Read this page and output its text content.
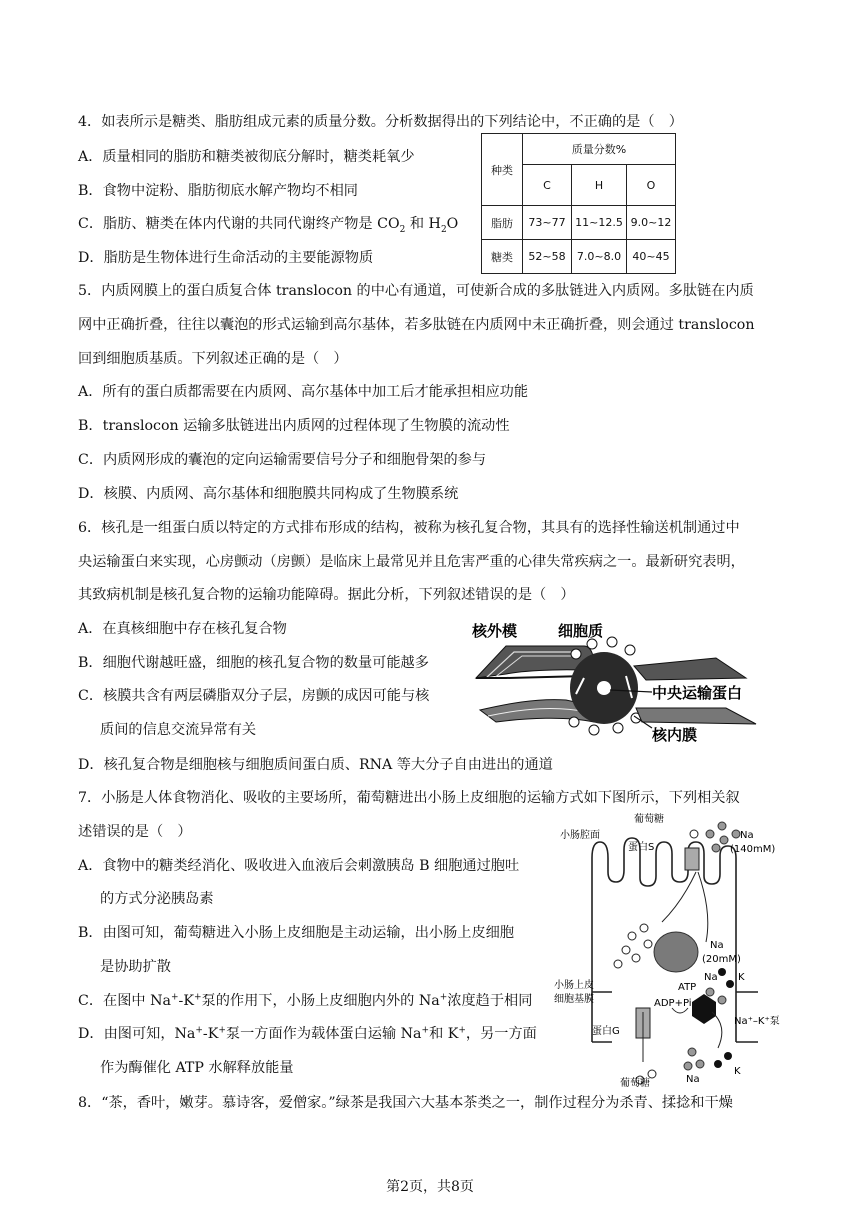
4．如表所示是糖类、脂肪组成元素的质量分数。分析数据得出的下列结论中，不正确的是（　）
A．质量相同的脂肪和糖类被彻底分解时，糖类耗氧少
B．食物中淀粉、脂肪彻底水解产物均不相同
C．脂肪、糖类在体内代谢的共同代谢终产物是 $CO_2$ 和 $H_2O$
D．脂肪是生物体进行生命活动的主要能源物质
种类	质量分数%		
	C	H	O
脂肪	73~77	11~12.5	9.0~12
糖类	52~58	7.0~8.0	40~45
5．内质网膜上的蛋白质复合体 translocon 的中心有通道，可使新合成的多肽链进入内质网。多肽链在内质
网中正确折叠，往往以囊泡的形式运输到高尔基体，若多肽链在内质网中未正确折叠，则会通过 translocon
回到细胞质基质。下列叙述正确的是（　）
A．所有的蛋白质都需要在内质网、高尔基体中加工后才能承担相应功能
B．translocon 运输多肽链进出内质网的过程体现了生物膜的流动性
C．内质网形成的囊泡的定向运输需要信号分子和细胞骨架的参与
D．核膜、内质网、高尔基体和细胞膜共同构成了生物膜系统
6．核孔是一组蛋白质以特定的方式排布形成的结构，被称为核孔复合物，其具有的选择性输送机制通过中
央运输蛋白来实现，心房颤动（房颤）是临床上最常见并且危害严重的心律失常疾病之一。最新研究表明，
其致病机制是核孔复合物的运输功能障碍。据此分析，下列叙述错误的是（　）
A．在真核细胞中存在核孔复合物
B．细胞代谢越旺盛，细胞的核孔复合物的数量可能越多
C．核膜共含有两层磷脂双分子层，房颤的成因可能与核
质间的信息交流异常有关
D．核孔复合物是细胞核与细胞质间蛋白质、RNA 等大分子自由进出的通道
核外模	细胞质
中央运输蛋白
核内膜
7．小肠是人体食物消化、吸收的主要场所，葡萄糖进出小肠上皮细胞的运输方式如下图所示，下列相关叙
述错误的是（　）
A．食物中的糖类经消化、吸收进入血液后会刺激胰岛 B 细胞通过胞吐
的方式分泌胰岛素
B．由图可知，葡萄糖进入小肠上皮细胞是主动运输，出小肠上皮细胞
是协助扩散
C．在图中 Na+-K+泵的作用下，小肠上皮细胞内外的 Na+浓度趋于相同
D．由图可知，Na+-K+泵一方面作为载体蛋白运输 Na+和 K+，另一方面
作为酶催化 ATP 水解释放能量
小肠腔面
葡萄糖
蛋白S
Na
(140mM)
Na
(20mM)
小肠上皮
细胞基膜
ATP
ADP+Pi
Na K
蛋白G
Na⁺–K⁺泵
葡萄糖	Na
K
8．“茶，香叶，嫩芽。慕诗客，爱僧家。”绿茶是我国六大基本茶类之一，制作过程分为杀青、揉捻和干燥
第2页，共8页
